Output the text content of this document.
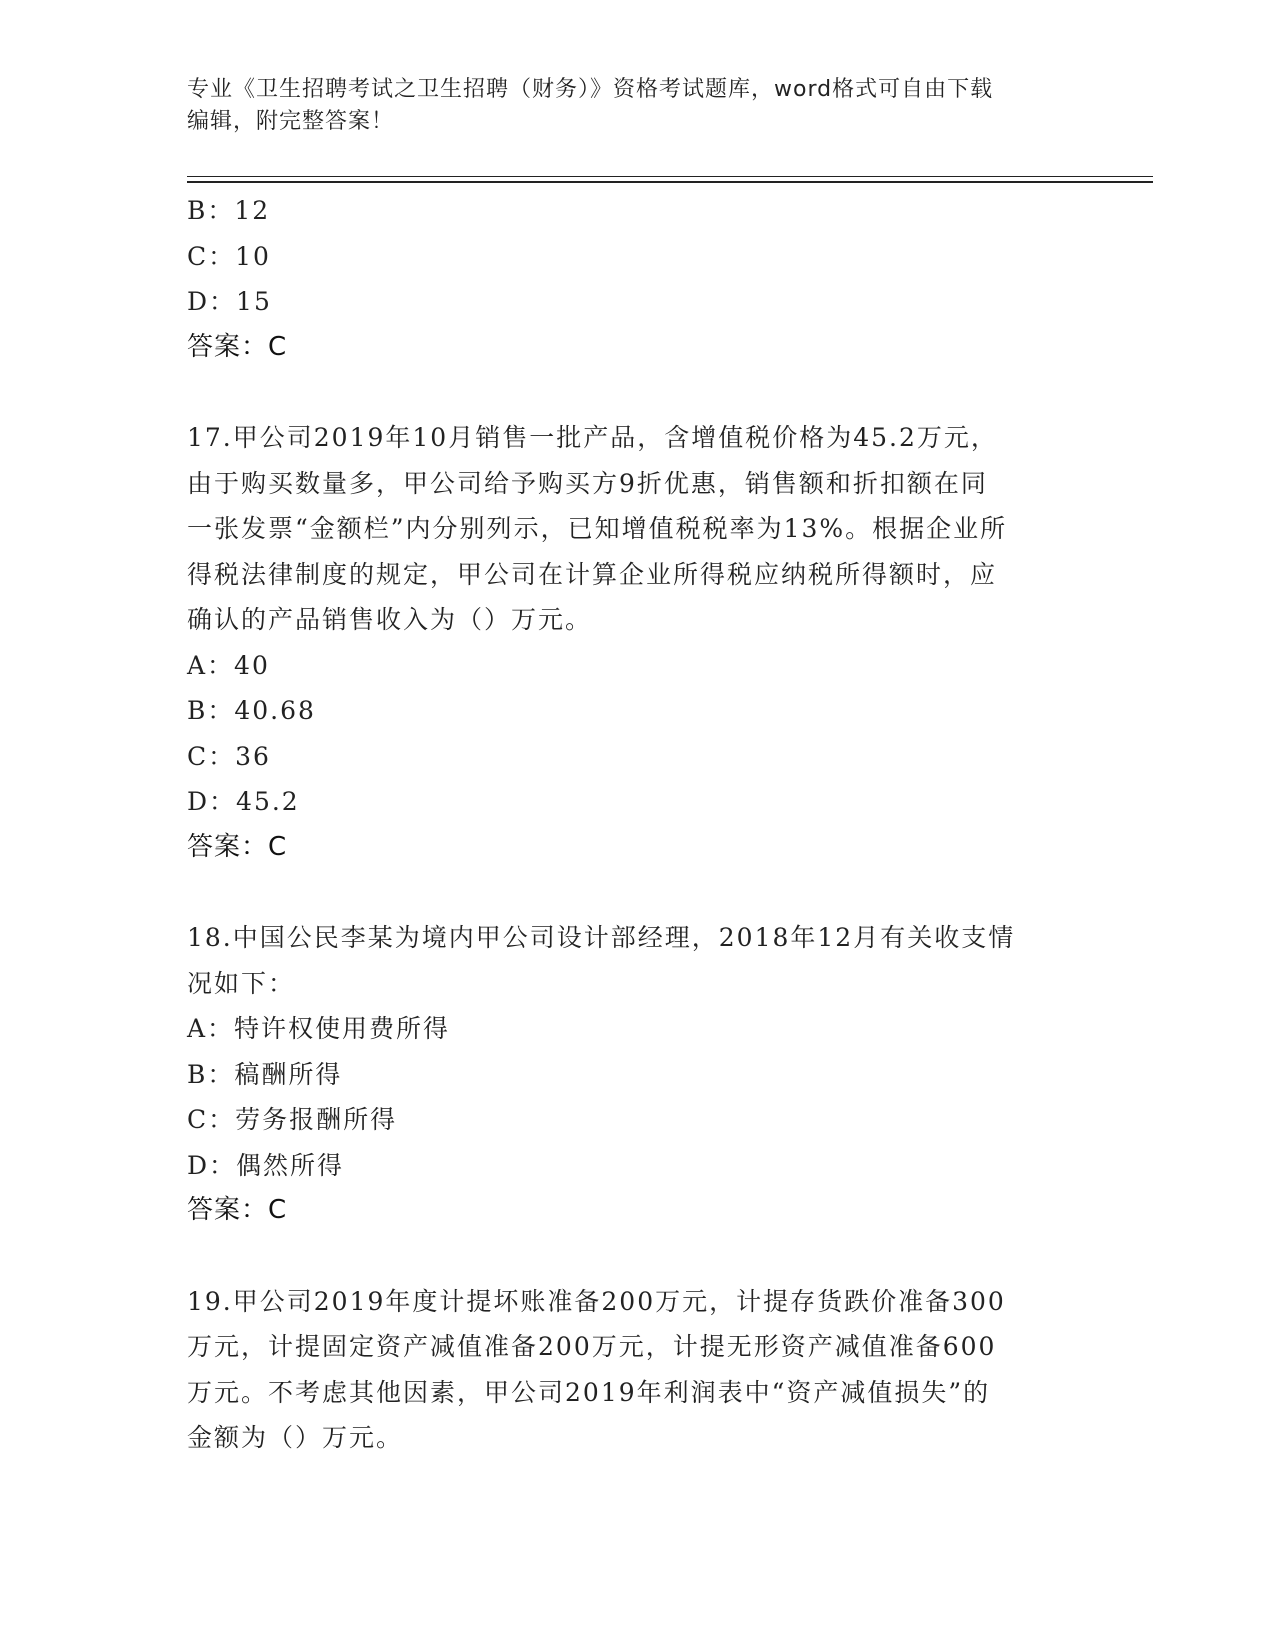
专业《卫生招聘考试之卫生招聘（财务）》资格考试题库，word格式可自由下载
编辑，附完整答案！
B：12
C：10
D：15
答案：C
17.甲公司2019年10月销售一批产品，含增值税价格为45.2万元，
由于购买数量多，甲公司给予购买方9折优惠，销售额和折扣额在同
一张发票“金额栏”内分别列示，已知增值税税率为13%。根据企业所
得税法律制度的规定，甲公司在计算企业所得税应纳税所得额时，应
确认的产品销售收入为（）万元。
A：40
B：40.68
C：36
D：45.2
答案：C
18.中国公民李某为境内甲公司设计部经理，2018年12月有关收支情
况如下：
A：特许权使用费所得
B：稿酬所得
C：劳务报酬所得
D：偶然所得
答案：C
19.甲公司2019年度计提坏账准备200万元，计提存货跌价准备300
万元，计提固定资产减值准备200万元，计提无形资产减值准备600
万元。不考虑其他因素，甲公司2019年利润表中“资产减值损失”的
金额为（）万元。
